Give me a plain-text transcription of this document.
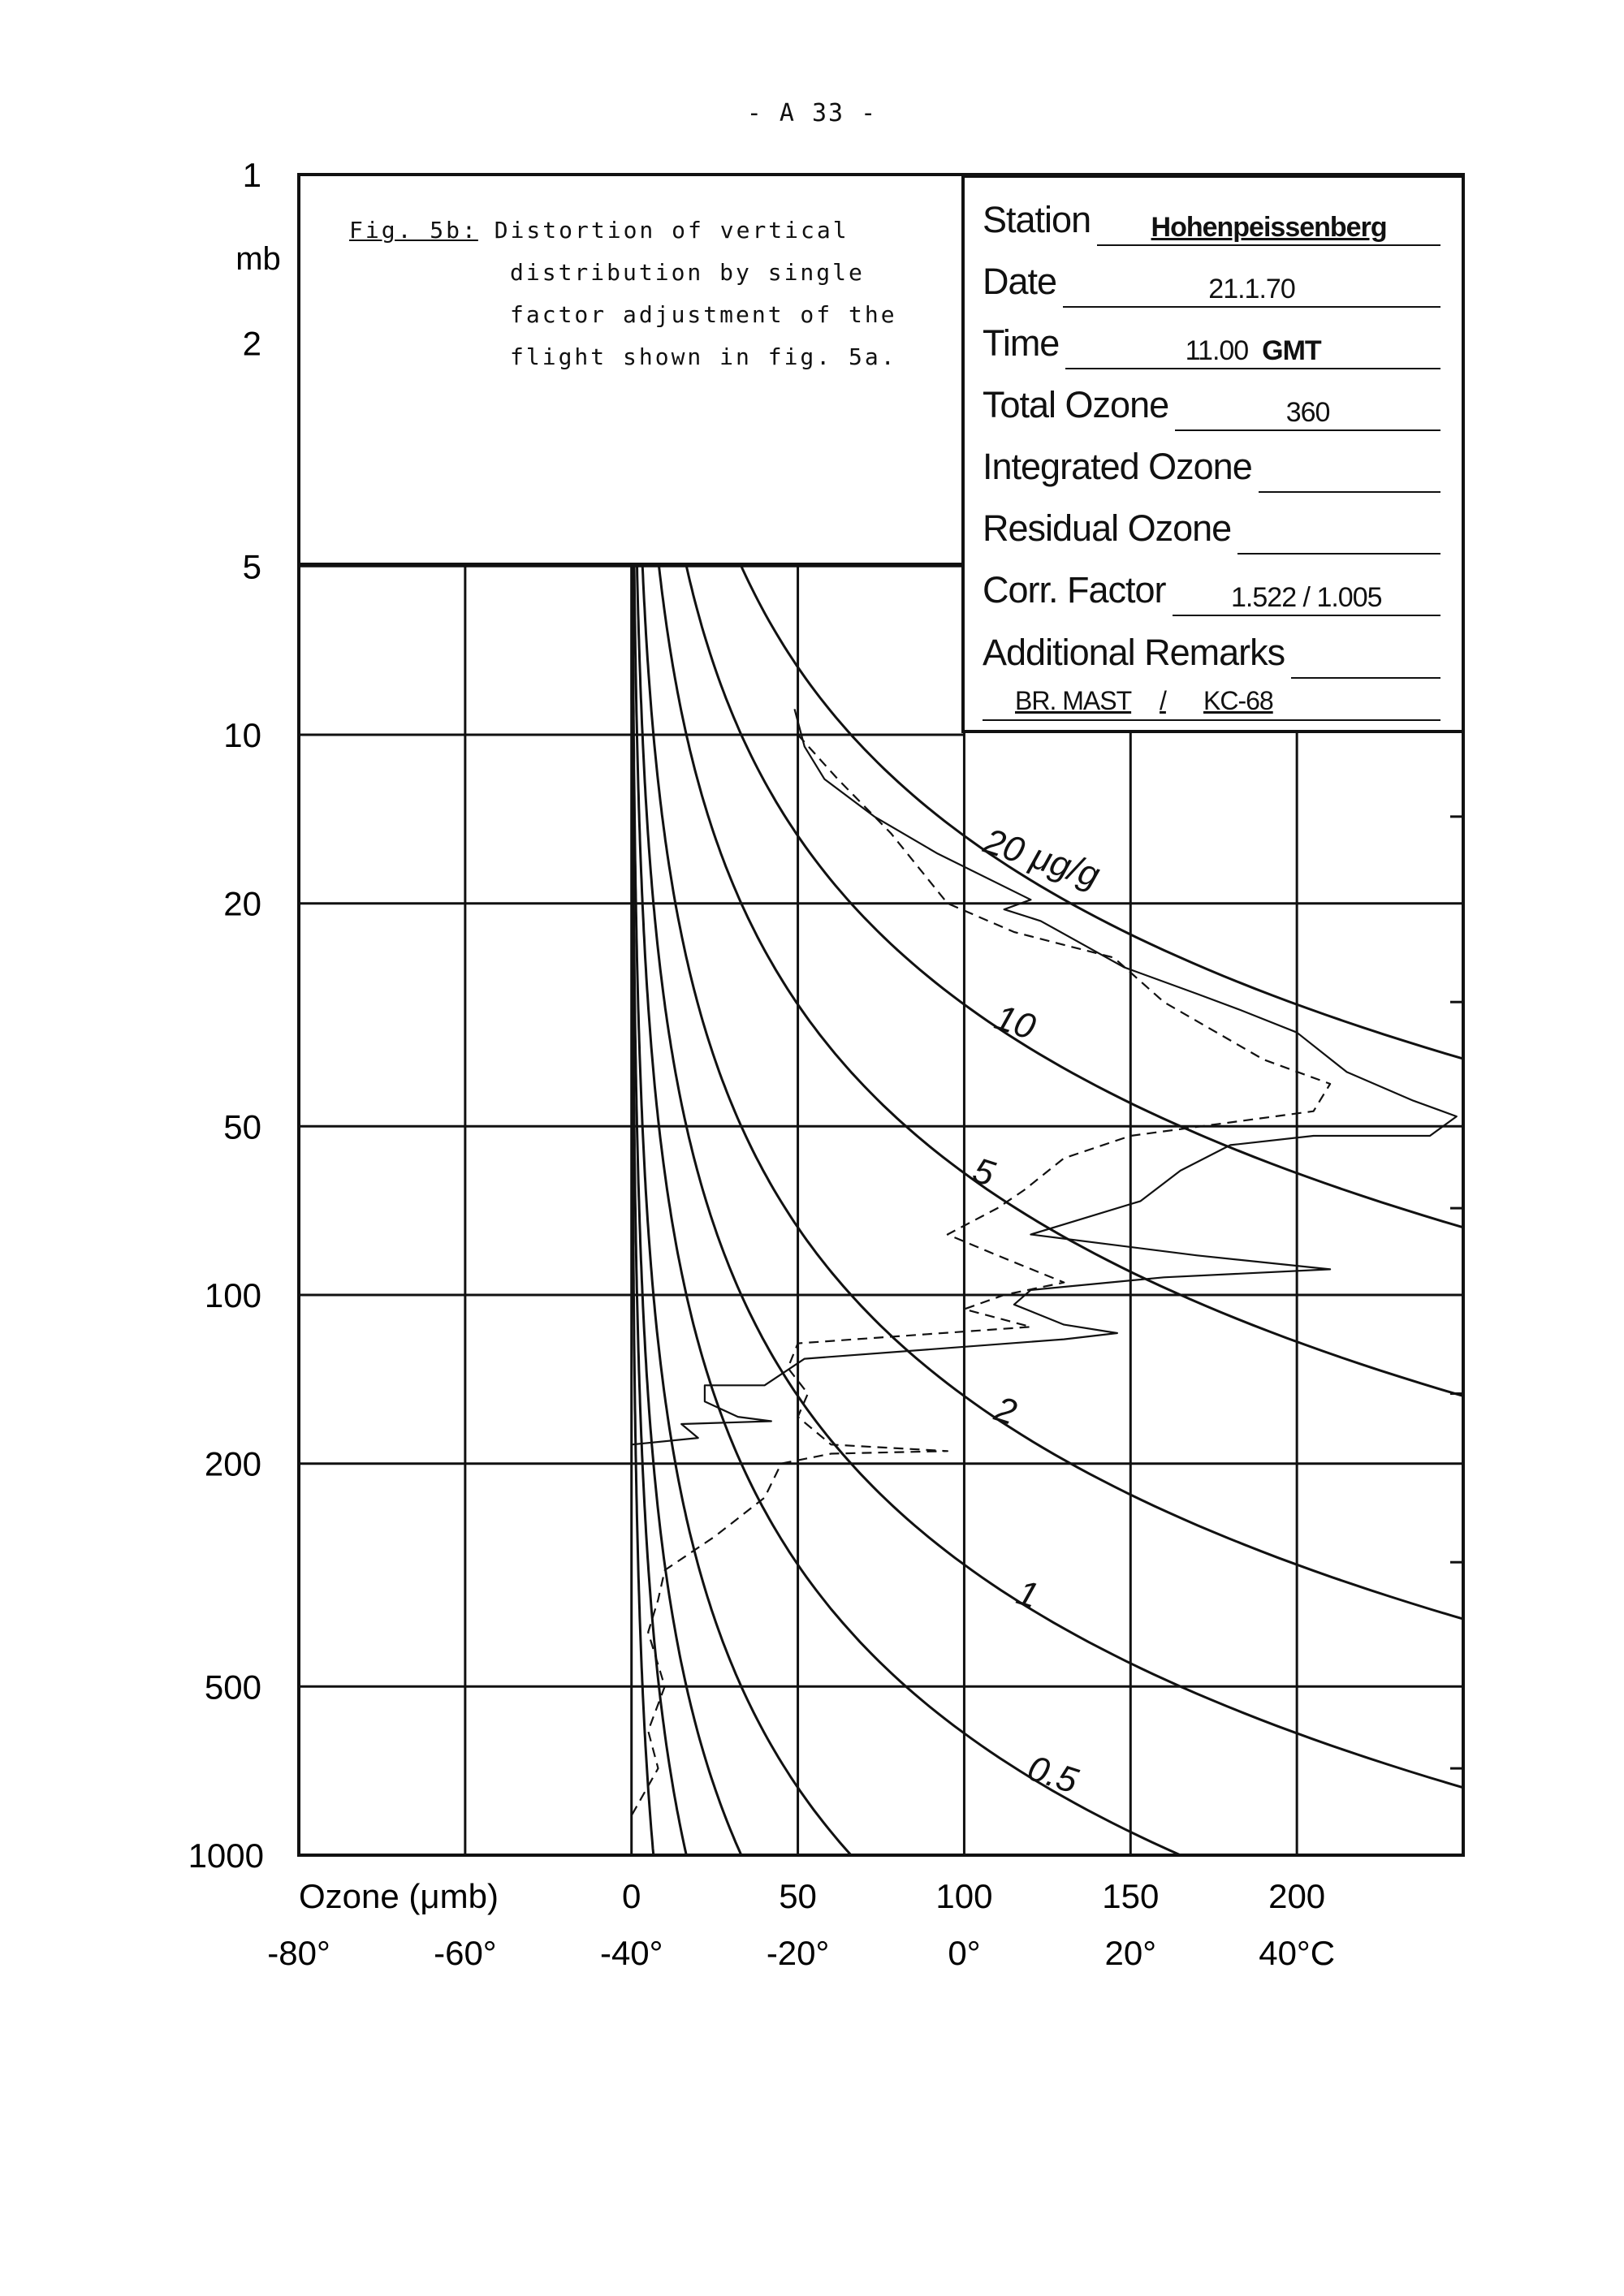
- A 33 -
1
2
5
10
20
50
100
200
500
1000
0	50	100	150	200
-80°	-60°	-40°	-20°	0°	20°	40°C
20 μg/g
10
5
2
1
0.5
mb
Ozone (μmb)
Fig. 5b: Distortion of vertical
distribution by single
factor adjustment of the
flight shown in fig. 5a.
Station	Hohenpeissenberg
Date	21.1.70
Time	11.00 GMT
Total Ozone	360
Integrated Ozone
Residual Ozone
Corr. Factor	1.522 / 1.005
Additional Remarks
BR. MAST / KC-68
